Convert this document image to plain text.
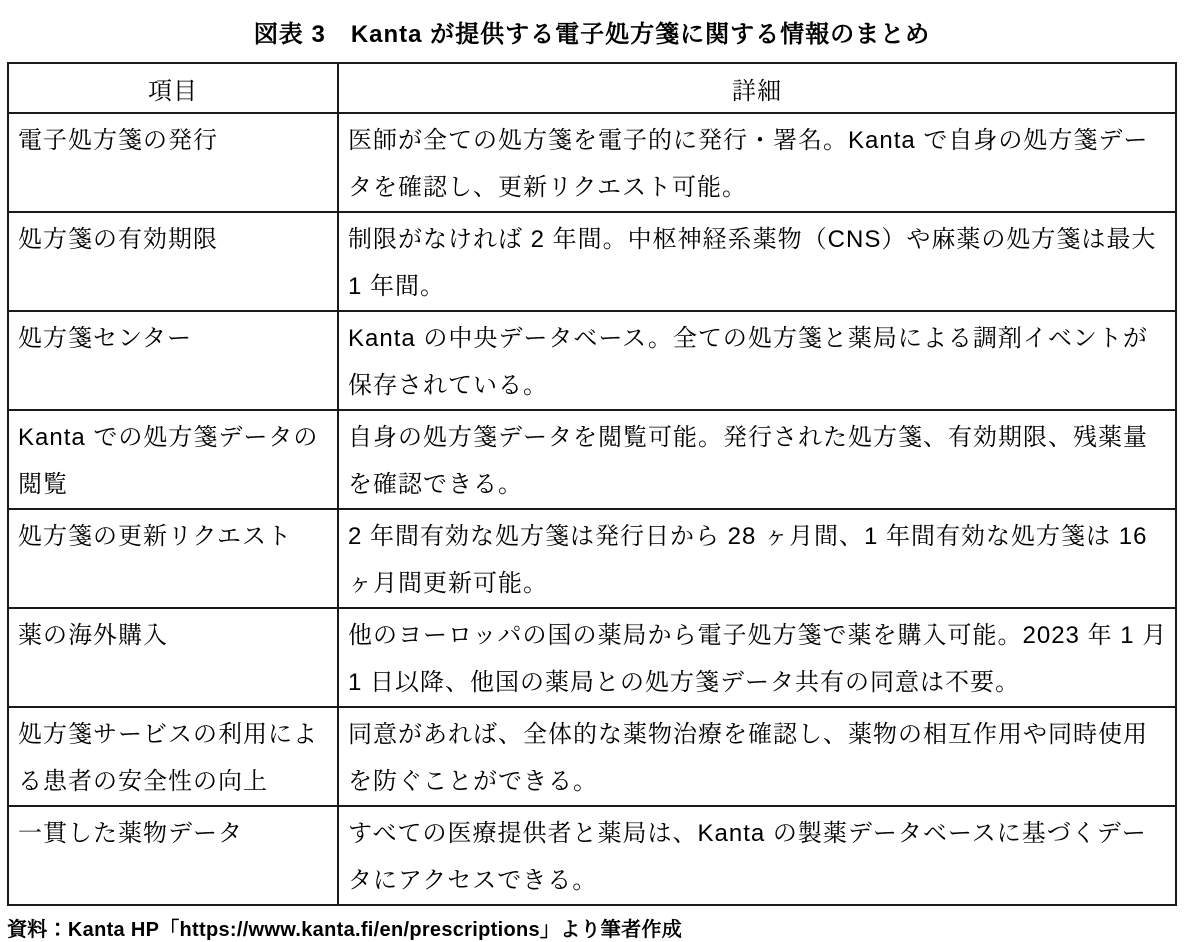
図表 3　Kanta が提供する電子処方箋に関する情報のまとめ
項目	詳細
電子処方箋の発行	医師が全ての処方箋を電子的に発行・署名。Kanta で自身の処方箋データを確認し、更新リクエスト可能。
処方箋の有効期限	制限がなければ 2 年間。中枢神経系薬物（CNS）や麻薬の処方箋は最大 1 年間。
処方箋センター	Kanta の中央データベース。全ての処方箋と薬局による調剤イベントが保存されている。
Kanta での処方箋データの閲覧	自身の処方箋データを閲覧可能。発行された処方箋、有効期限、残薬量を確認できる。
処方箋の更新リクエスト	2 年間有効な処方箋は発行日から 28 ヶ月間、1 年間有効な処方箋は 16 ヶ月間更新可能。
薬の海外購入	他のヨーロッパの国の薬局から電子処方箋で薬を購入可能。2023 年 1 月 1 日以降、他国の薬局との処方箋データ共有の同意は不要。
処方箋サービスの利用による患者の安全性の向上	同意があれば、全体的な薬物治療を確認し、薬物の相互作用や同時使用を防ぐことができる。
一貫した薬物データ	すべての医療提供者と薬局は、Kanta の製薬データベースに基づくデータにアクセスできる。
資料：Kanta HP「https://www.kanta.fi/en/prescriptions」より筆者作成
